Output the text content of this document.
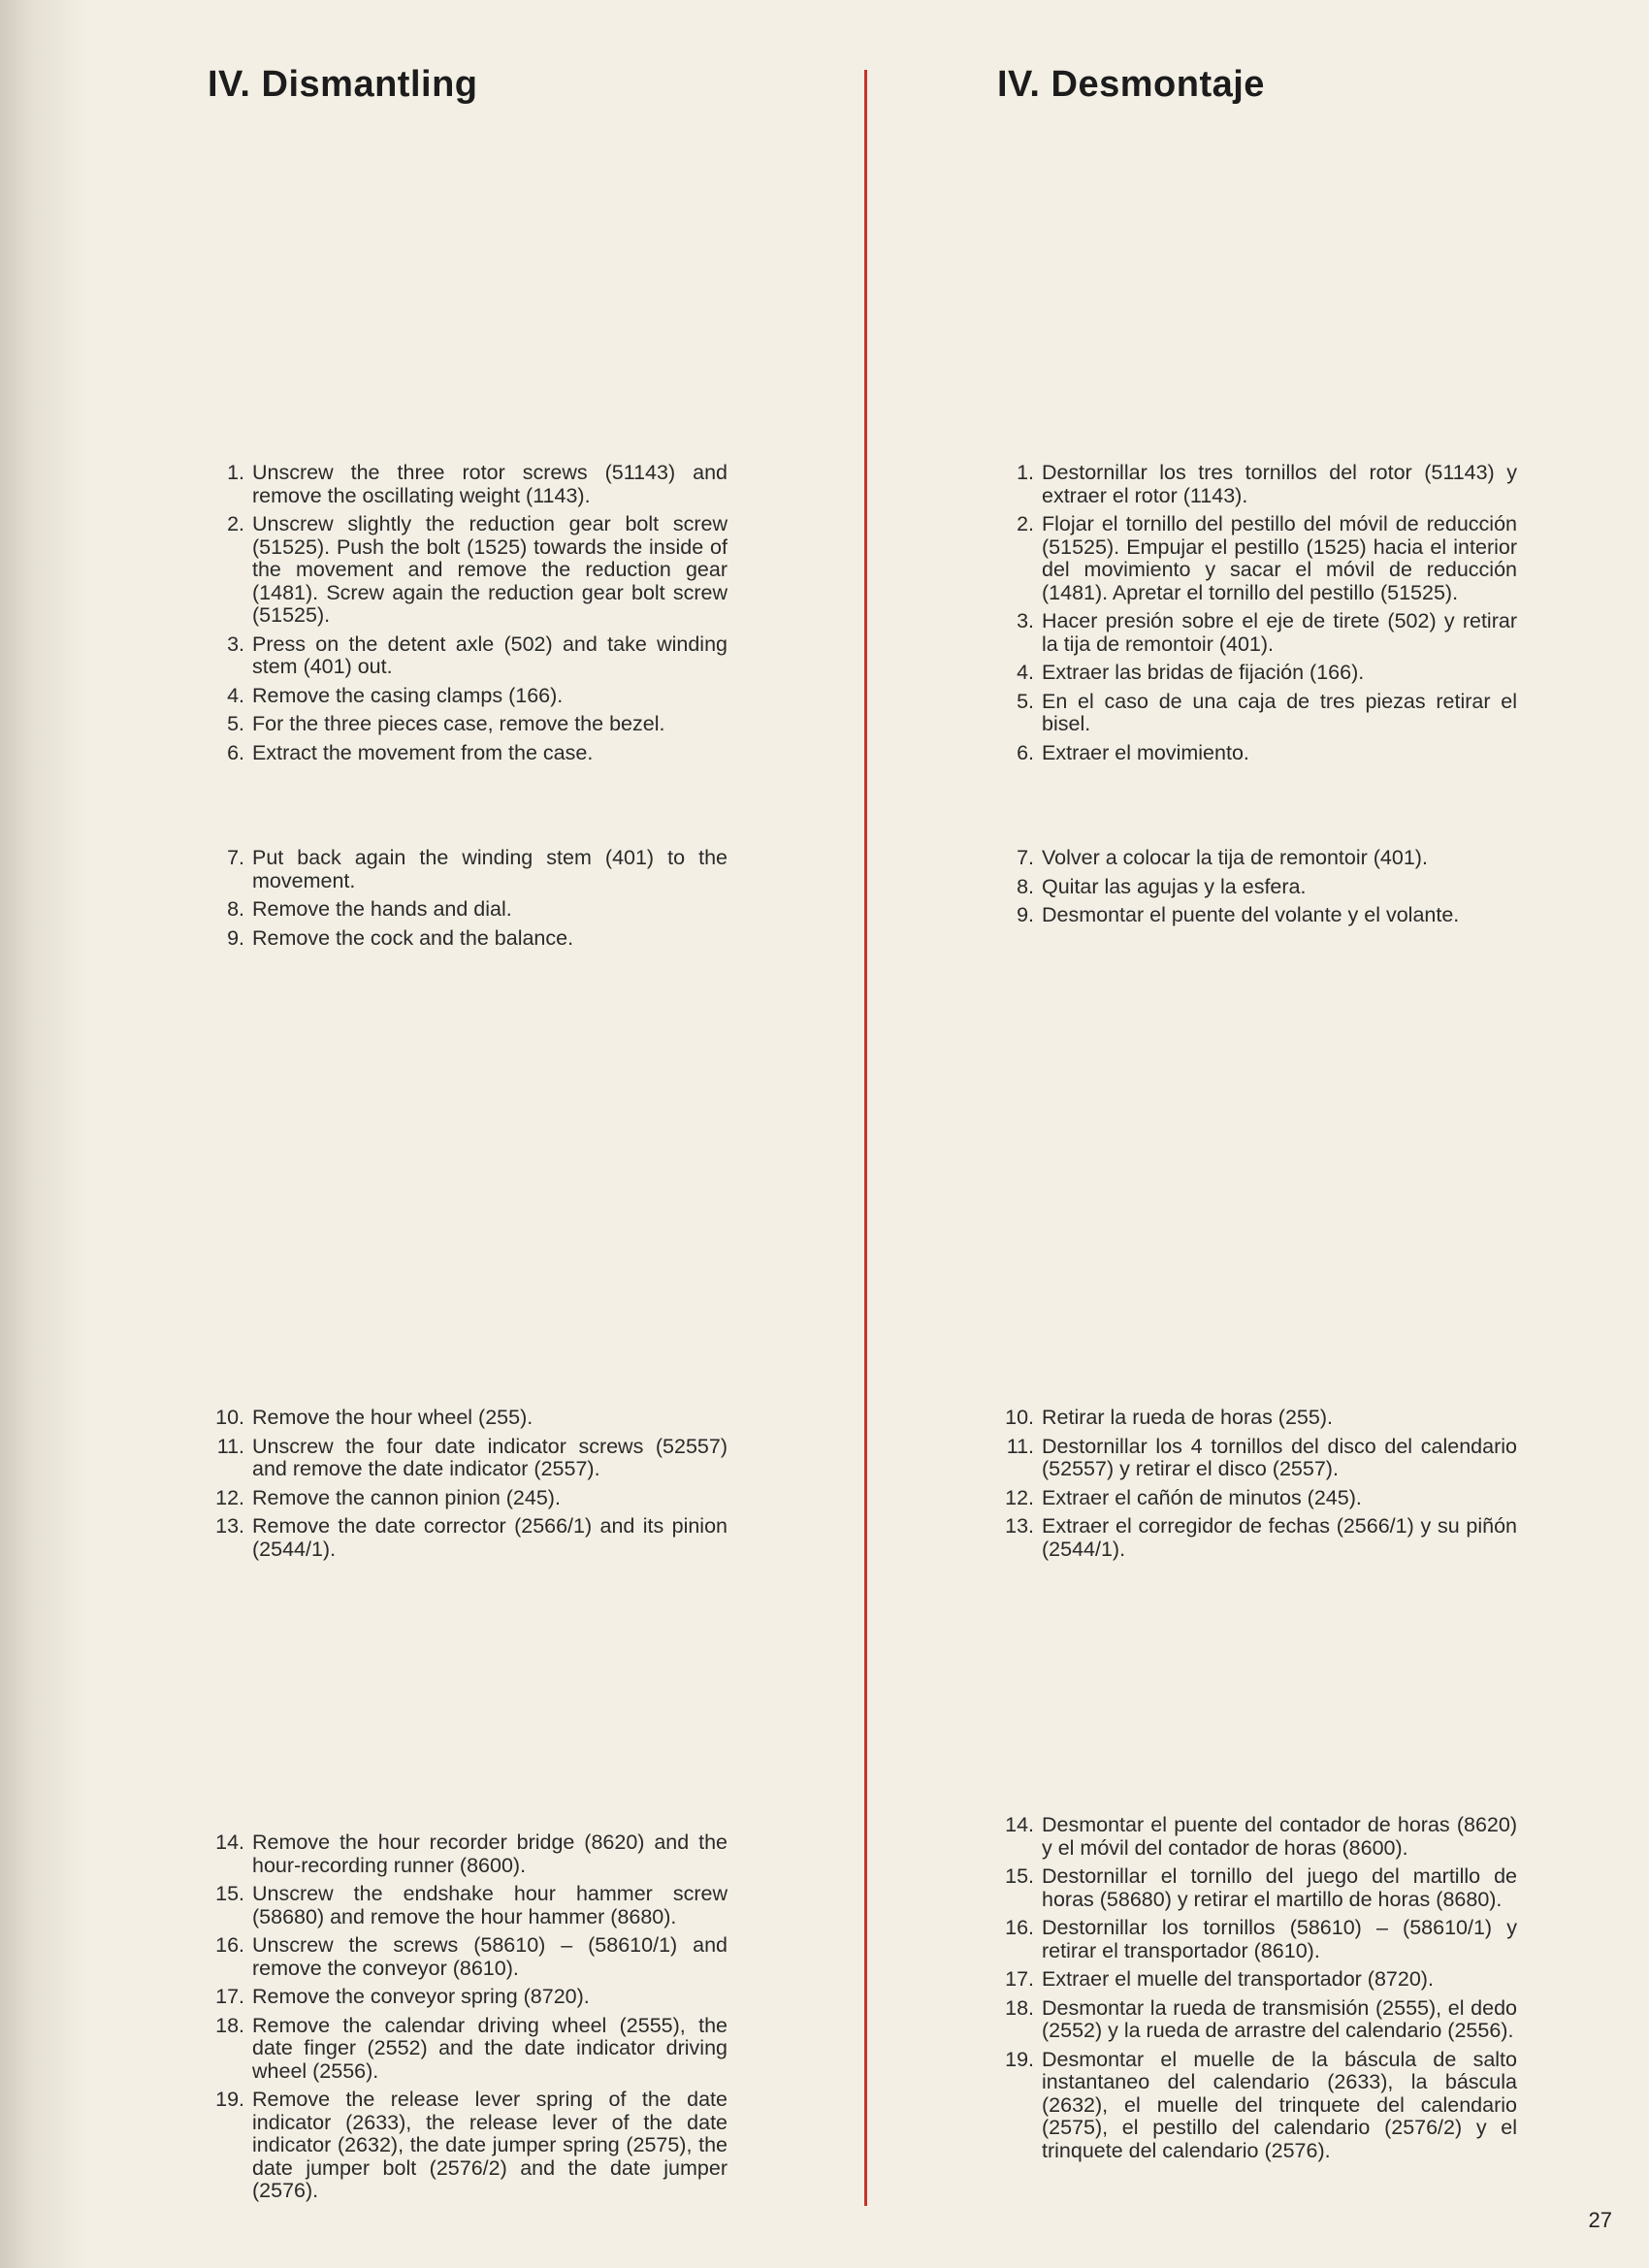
IV. Dismantling	IV. Desmontaje
1. Unscrew the three rotor screws (51143) and remove the oscillating weight (1143).
2. Unscrew slightly the reduction gear bolt screw (51525). Push the bolt (1525) towards the inside of the movement and remove the reduction gear (1481). Screw again the reduction gear bolt screw (51525).
3. Press on the detent axle (502) and take winding stem (401) out.
4. Remove the casing clamps (166).
5. For the three pieces case, remove the bezel.
6. Extract the movement from the case.
7. Put back again the winding stem (401) to the movement.
8. Remove the hands and dial.
9. Remove the cock and the balance.
10. Remove the hour wheel (255).
11. Unscrew the four date indicator screws (52557) and remove the date indicator (2557).
12. Remove the cannon pinion (245).
13. Remove the date corrector (2566/1) and its pinion (2544/1).
14. Remove the hour recorder bridge (8620) and the hour-recording runner (8600).
15. Unscrew the endshake hour hammer screw (58680) and remove the hour hammer (8680).
16. Unscrew the screws (58610) – (58610/1) and remove the conveyor (8610).
17. Remove the conveyor spring (8720).
18. Remove the calendar driving wheel (2555), the date finger (2552) and the date indicator driving wheel (2556).
19. Remove the release lever spring of the date indicator (2633), the release lever of the date indicator (2632), the date jumper spring (2575), the date jumper bolt (2576/2) and the date jumper (2576).
1. Destornillar los tres tornillos del rotor (51143) y extraer el rotor (1143).
2. Flojar el tornillo del pestillo del móvil de reducción (51525). Empujar el pestillo (1525) hacia el interior del movimiento y sacar el móvil de reducción (1481). Apretar el tornillo del pestillo (51525).
3. Hacer presión sobre el eje de tirete (502) y retirar la tija de remontoir (401).
4. Extraer las bridas de fijación (166).
5. En el caso de una caja de tres piezas retirar el bisel.
6. Extraer el movimiento.
7. Volver a colocar la tija de remontoir (401).
8. Quitar las agujas y la esfera.
9. Desmontar el puente del volante y el volante.
10. Retirar la rueda de horas (255).
11. Destornillar los 4 tornillos del disco del calendario (52557) y retirar el disco (2557).
12. Extraer el cañón de minutos (245).
13. Extraer el corregidor de fechas (2566/1) y su piñón (2544/1).
14. Desmontar el puente del contador de horas (8620) y el móvil del contador de horas (8600).
15. Destornillar el tornillo del juego del martillo de horas (58680) y retirar el martillo de horas (8680).
16. Destornillar los tornillos (58610) – (58610/1) y retirar el transportador (8610).
17. Extraer el muelle del transportador (8720).
18. Desmontar la rueda de transmisión (2555), el dedo (2552) y la rueda de arrastre del calendario (2556).
19. Desmontar el muelle de la báscula de salto instantaneo del calendario (2633), la báscula (2632), el muelle del trinquete del calendario (2575), el pestillo del calendario (2576/2) y el trinquete del calendario (2576).
27
